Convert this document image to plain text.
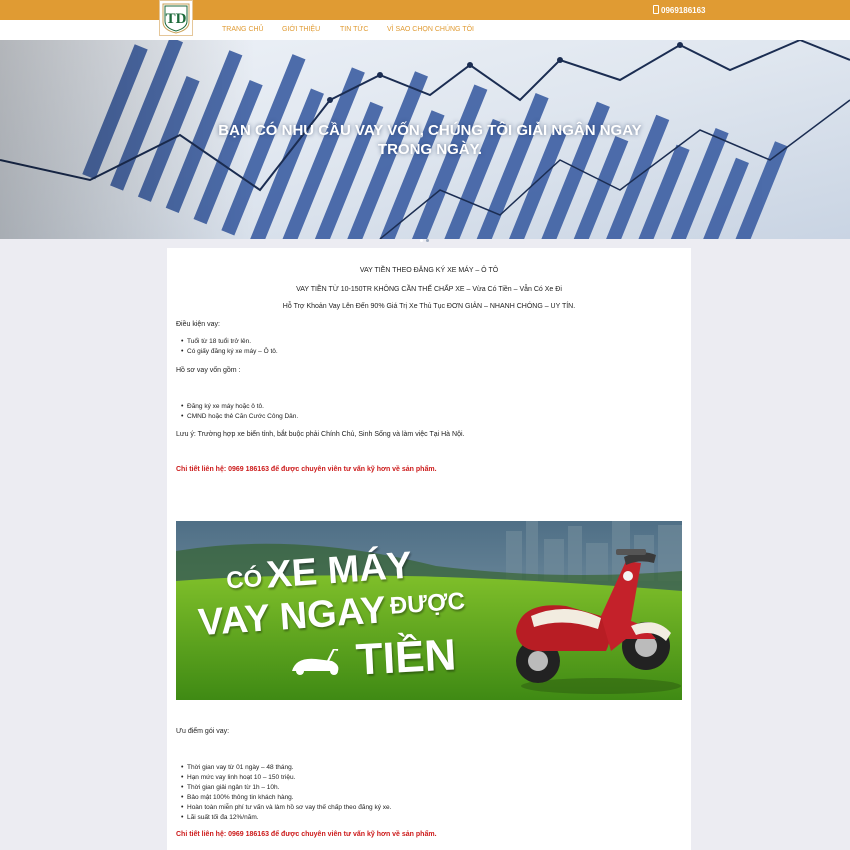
0969186163
TD
TRANG CHỦ	GIỚI THIỆU	TIN TỨC	VÌ SAO CHỌN CHÚNG TÔI
BẠN CÓ NHU CẦU VAY VỐN, CHÚNG TÔI GIẢI NGÂN NGAY TRONG NGÀY.
VAY TIỀN THEO ĐĂNG KÝ XE MÁY – Ô TÔ
VAY TIỀN TỪ 10-150TR KHÔNG CẦN THẾ CHẤP XE – Vừa Có Tiền – Vẫn Có Xe Đi
Hỗ Trợ Khoản Vay Lên Đến 90% Giá Trị Xe Thủ Tục ĐƠN GIẢN – NHANH CHÓNG – UY TÍN.
Điều kiện vay:
• Tuổi từ 18 tuổi trở lên.
• Có giấy đăng ký xe máy – Ô tô.
Hồ sơ vay vốn gồm :
• Đăng ký xe máy hoặc ô tô.
• CMND hoặc thẻ Căn Cước Công Dân.
Lưu ý: Trường hợp xe biển tỉnh, bắt buộc phải Chính Chủ, Sinh Sống và làm việc Tại Hà Nội.
Chi tiết liên hệ: 0969 186163 để được chuyên viên tư vấn kỹ hơn về sản phẩm.
CÓ XE MÁY
VAY NGAY ĐƯỢC
TIỀN
Ưu điểm gói vay:
• Thời gian vay từ 01 ngày – 48 tháng.
• Hạn mức vay linh hoạt 10 – 150 triệu.
• Thời gian giải ngân từ 1h – 10h.
• Bảo mật 100% thông tin khách hàng.
• Hoàn toàn miễn phí tư vấn và làm hồ sơ vay thế chấp theo đăng ký xe.
• Lãi suất tối đa 12%/năm.
Chi tiết liên hệ: 0969 186163 để được chuyên viên tư vấn kỹ hơn về sản phẩm.
